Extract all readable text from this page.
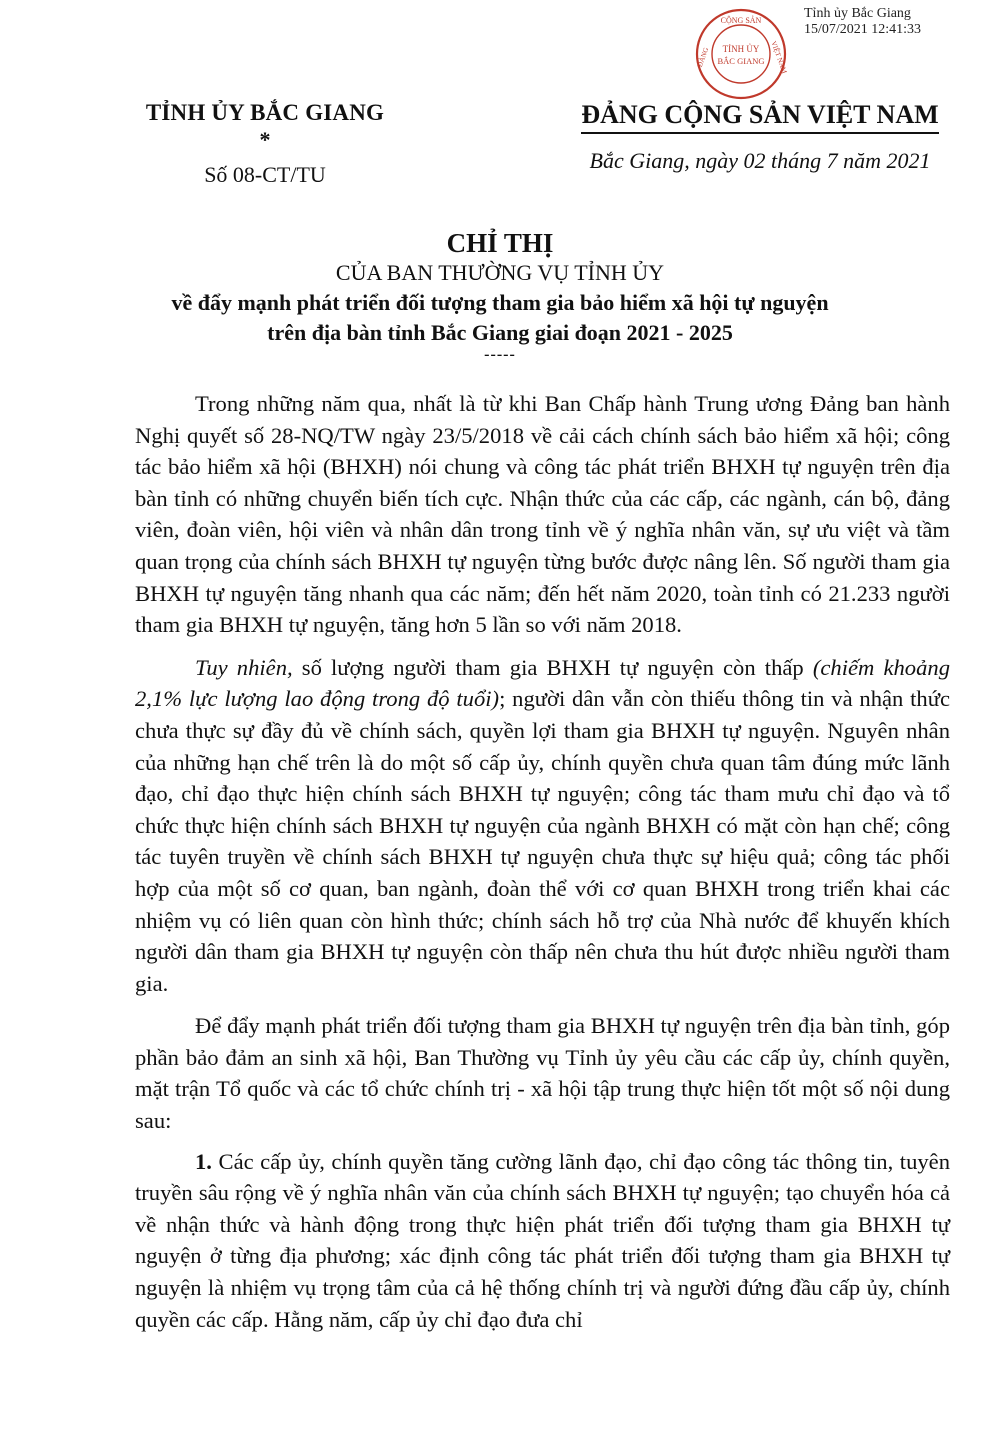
CỘNG SẢN
ĐẢNG	VIỆT NAM
TỈNH ỦY
BẮC GIANG
Tỉnh ủy Bắc Giang
15/07/2021 12:41:33
TỈNH ỦY BẮC GIANG
*
Số 08-CT/TU
ĐẢNG CỘNG SẢN VIỆT NAM
Bắc Giang, ngày 02 tháng 7 năm 2021
CHỈ THỊ
CỦA BAN THƯỜNG VỤ TỈNH ỦY
về đẩy mạnh phát triển đối tượng tham gia bảo hiểm xã hội tự nguyện
trên địa bàn tỉnh Bắc Giang giai đoạn 2021 - 2025
-----

Trong những năm qua, nhất là từ khi Ban Chấp hành Trung ương Đảng ban hành Nghị quyết số 28-NQ/TW ngày 23/5/2018 về cải cách chính sách bảo hiểm xã hội; công tác bảo hiểm xã hội (BHXH) nói chung và công tác phát triển BHXH tự nguyện trên địa bàn tỉnh có những chuyển biến tích cực. Nhận thức của các cấp, các ngành, cán bộ, đảng viên, đoàn viên, hội viên và nhân dân trong tỉnh về ý nghĩa nhân văn, sự ưu việt và tầm quan trọng của chính sách BHXH tự nguyện từng bước được nâng lên. Số người tham gia BHXH tự nguyện tăng nhanh qua các năm; đến hết năm 2020, toàn tỉnh có 21.233 người tham gia BHXH tự nguyện, tăng hơn 5 lần so với năm 2018.

Tuy nhiên, số lượng người tham gia BHXH tự nguyện còn thấp (chiếm khoảng 2,1% lực lượng lao động trong độ tuổi); người dân vẫn còn thiếu thông tin và nhận thức chưa thực sự đầy đủ về chính sách, quyền lợi tham gia BHXH tự nguyện. Nguyên nhân của những hạn chế trên là do một số cấp ủy, chính quyền chưa quan tâm đúng mức lãnh đạo, chỉ đạo thực hiện chính sách BHXH tự nguyện; công tác tham mưu chỉ đạo và tổ chức thực hiện chính sách BHXH tự nguyện của ngành BHXH có mặt còn hạn chế; công tác tuyên truyền về chính sách BHXH tự nguyện chưa thực sự hiệu quả; công tác phối hợp của một số cơ quan, ban ngành, đoàn thể với cơ quan BHXH trong triển khai các nhiệm vụ có liên quan còn hình thức; chính sách hỗ trợ của Nhà nước để khuyến khích người dân tham gia BHXH tự nguyện còn thấp nên chưa thu hút được nhiều người tham gia.

Để đẩy mạnh phát triển đối tượng tham gia BHXH tự nguyện trên địa bàn tỉnh, góp phần bảo đảm an sinh xã hội, Ban Thường vụ Tỉnh ủy yêu cầu các cấp ủy, chính quyền, mặt trận Tổ quốc và các tổ chức chính trị - xã hội tập trung thực hiện tốt một số nội dung sau:

1. Các cấp ủy, chính quyền tăng cường lãnh đạo, chỉ đạo công tác thông tin, tuyên truyền sâu rộng về ý nghĩa nhân văn của chính sách BHXH tự nguyện; tạo chuyển hóa cả về nhận thức và hành động trong thực hiện phát triển đối tượng tham gia BHXH tự nguyện ở từng địa phương; xác định công tác phát triển đối tượng tham gia BHXH tự nguyện là nhiệm vụ trọng tâm của cả hệ thống chính trị và người đứng đầu cấp ủy, chính quyền các cấp. Hằng năm, cấp ủy chỉ đạo đưa chỉ
